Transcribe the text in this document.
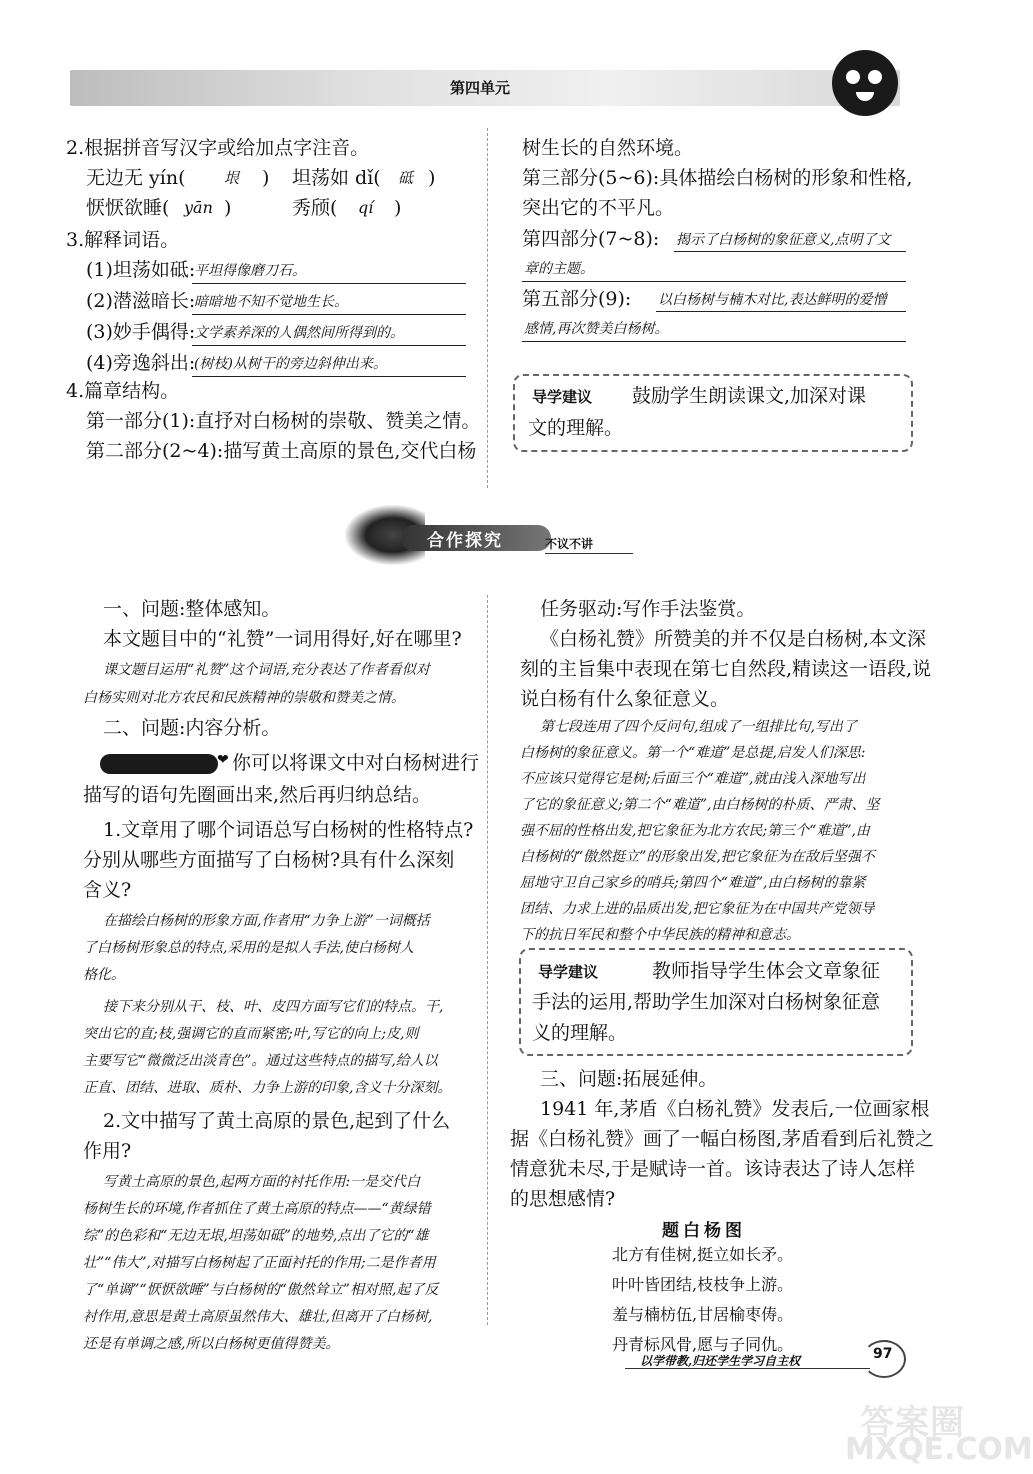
第四单元
2.根据拼音写汉字或给加点字注音。
无边无 yín(	垠 ) 坦荡如 dǐ( 砥 )
恹恹欲睡( yān )	秀颀( qí )
3.解释词语。
(1)坦荡如砥:
平坦得像磨刀石。
(2)潜滋暗长:
暗暗地不知不觉地生长。
(3)妙手偶得:
文学素养深的人偶然间所得到的。
(4)旁逸斜出:
(树枝)从树干的旁边斜伸出来。
4.篇章结构。
第一部分(1):直抒对白杨树的崇敬、赞美之情。
第二部分(2~4):描写黄土高原的景色,交代白杨
树生长的自然环境。
第三部分(5~6):具体描绘白杨树的形象和性格,
突出它的不平凡。
第四部分(7~8): 揭示了白杨树的象征意义,点明了文
章的主题。
第五部分(9): 以白杨树与楠木对比,表达鲜明的爱憎
感情,再次赞美白杨树。
导学建议 鼓励学生朗读课文,加深对课
文的理解。
合作探究	不议不讲
一、问题:整体感知。
本文题目中的“礼赞”一词用得好,好在哪里?
课文题目运用“礼赞”这个词语,充分表达了作者看似对
白杨实则对北方农民和民族精神的崇敬和赞美之情。
二、问题:内容分析。
❤ 你可以将课文中对白杨树进行
描写的语句先圈画出来,然后再归纳总结。
1.文章用了哪个词语总写白杨树的性格特点?
分别从哪些方面描写了白杨树?具有什么深刻
含义?
在描绘白杨树的形象方面,作者用“力争上游”一词概括
了白杨树形象总的特点,采用的是拟人手法,使白杨树人
格化。
接下来分别从干、枝、叶、皮四方面写它们的特点。干,
突出它的直;枝,强调它的直而紧密;叶,写它的向上;皮,则
主要写它“微微泛出淡青色”。通过这些特点的描写,给人以
正直、团结、进取、质朴、力争上游的印象,含义十分深刻。
2.文中描写了黄土高原的景色,起到了什么
作用?
写黄土高原的景色,起两方面的衬托作用:一是交代白
杨树生长的环境,作者抓住了黄土高原的特点——“黄绿错
综”的色彩和“无边无垠,坦荡如砥”的地势,点出了它的“雄
壮”“伟大”,对描写白杨树起了正面衬托的作用;二是作者用
了“单调”“恹恹欲睡”与白杨树的“傲然耸立”相对照,起了反
衬作用,意思是黄土高原虽然伟大、雄壮,但离开了白杨树,
还是有单调之感,所以白杨树更值得赞美。
任务驱动:写作手法鉴赏。
《白杨礼赞》所赞美的并不仅是白杨树,本文深
刻的主旨集中表现在第七自然段,精读这一语段,说
说白杨有什么象征意义。
第七段连用了四个反问句,组成了一组排比句,写出了
白杨树的象征意义。第一个“难道”是总提,启发人们深思:
不应该只觉得它是树;后面三个“难道”,就由浅入深地写出
了它的象征意义;第二个“难道”,由白杨树的朴质、严肃、坚
强不屈的性格出发,把它象征为北方农民;第三个“难道”,由
白杨树的“傲然挺立”的形象出发,把它象征为在敌后坚强不
屈地守卫自己家乡的哨兵;第四个“难道”,由白杨树的靠紧
团结、力求上进的品质出发,把它象征为在中国共产党领导
下的抗日军民和整个中华民族的精神和意志。
导学建议	教师指导学生体会文章象征
手法的运用,帮助学生加深对白杨树象征意
义的理解。
三、问题:拓展延伸。
1941 年,茅盾《白杨礼赞》发表后,一位画家根
据《白杨礼赞》画了一幅白杨图,茅盾看到后礼赞之
情意犹未尽,于是赋诗一首。该诗表达了诗人怎样
的思想感情?
题白杨图
北方有佳树,挺立如长矛。
叶叶皆团结,枝枝争上游。
羞与楠枋伍,甘居榆枣俦。
丹青标风骨,愿与子同仇。
以学带教,归还学生学习自主权	97
答案圈
MXQE.COM
